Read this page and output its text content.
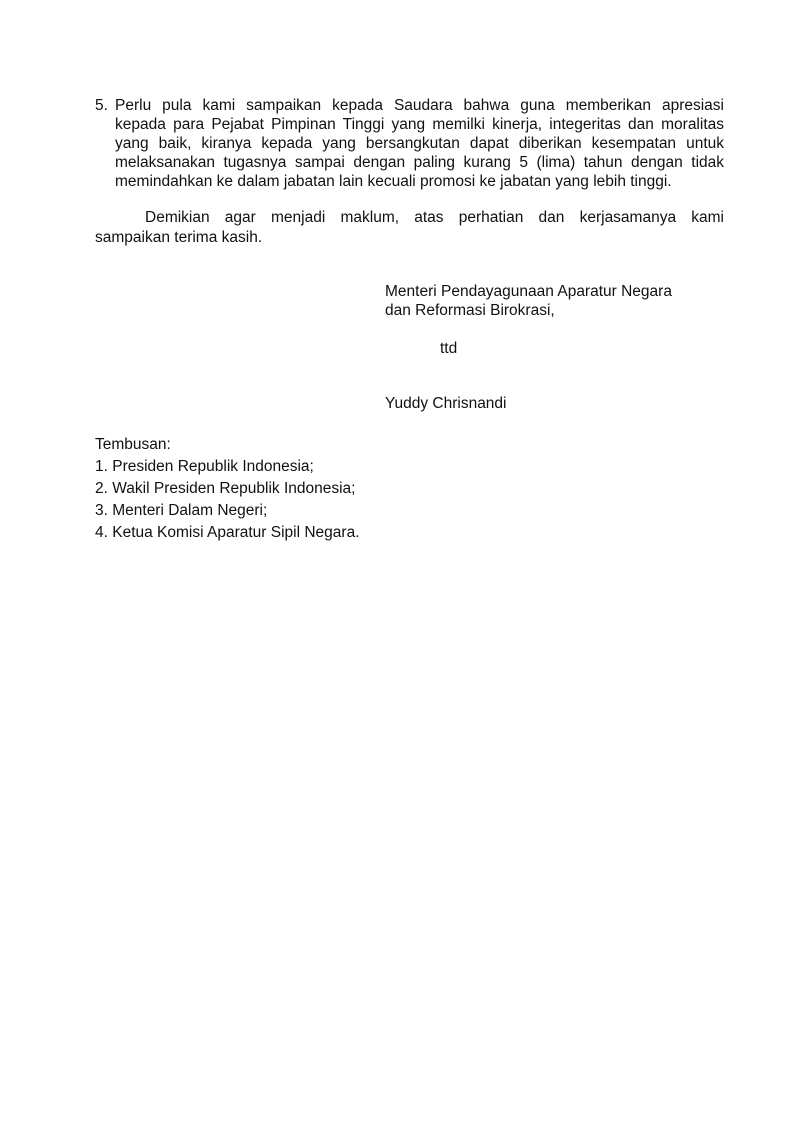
5. Perlu pula kami sampaikan kepada Saudara bahwa guna memberikan apresiasi
kepada para Pejabat Pimpinan Tinggi yang memilki kinerja, integeritas dan moralitas
yang baik, kiranya kepada yang bersangkutan dapat diberikan kesempatan untuk
melaksanakan tugasnya sampai dengan paling kurang 5 (lima) tahun dengan tidak
memindahkan ke dalam jabatan lain kecuali promosi ke jabatan yang lebih tinggi.
Demikian agar menjadi maklum, atas perhatian dan kerjasamanya kami
sampaikan terima kasih.
Menteri Pendayagunaan Aparatur Negara
dan Reformasi Birokrasi,
ttd
Yuddy Chrisnandi
Tembusan:
1. Presiden Republik Indonesia;
2. Wakil Presiden Republik Indonesia;
3. Menteri Dalam Negeri;
4. Ketua Komisi Aparatur Sipil Negara.
